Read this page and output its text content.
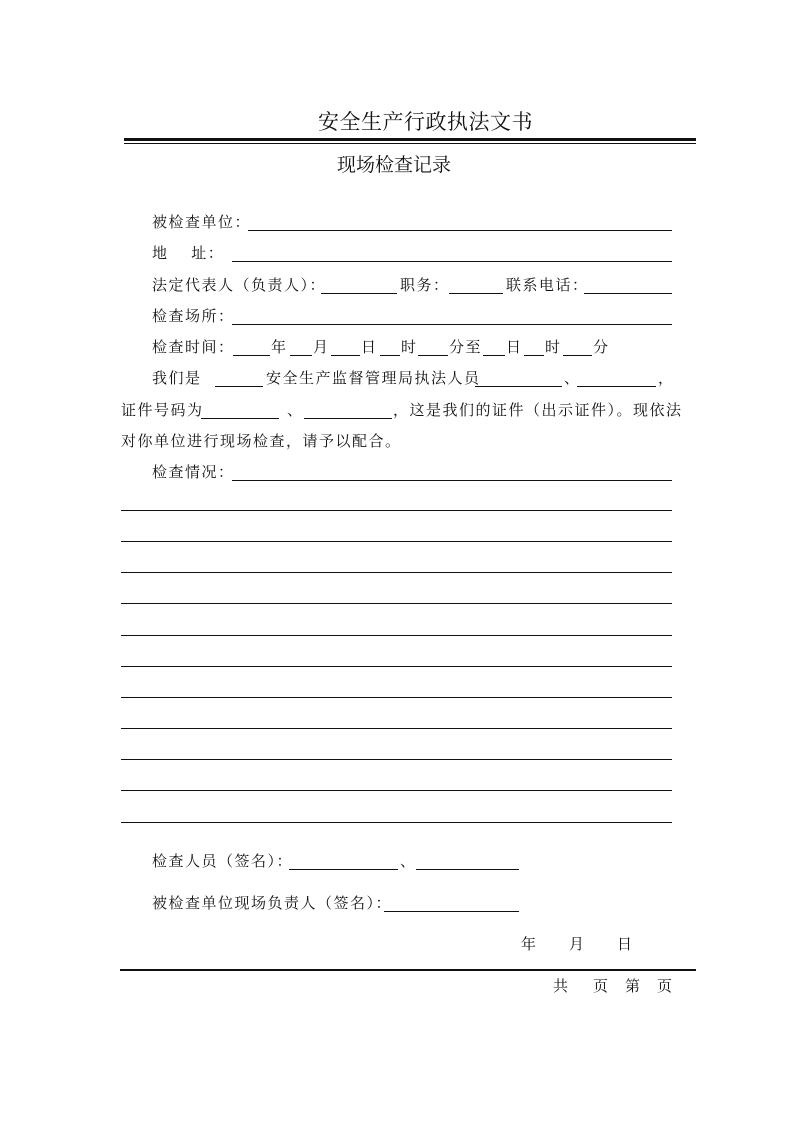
安全生产行政执法文书
现场检查记录
被检查单位：
地　 址：
法定代表人（负责人）：	职务：	联系电话：
检查场所：
检查时间： 年 月 日 时 分至 日 时 分
我们是	安全生产监督管理局执法人员	、	，
证件号码为	、	，这是我们的证件（出示证件）。现依法
对你单位进行现场检查，请予以配合。
检查情况：
检查人员（签名）：	、
被检查单位现场负责人（签名）：
年 月 日
共 页 第 页
